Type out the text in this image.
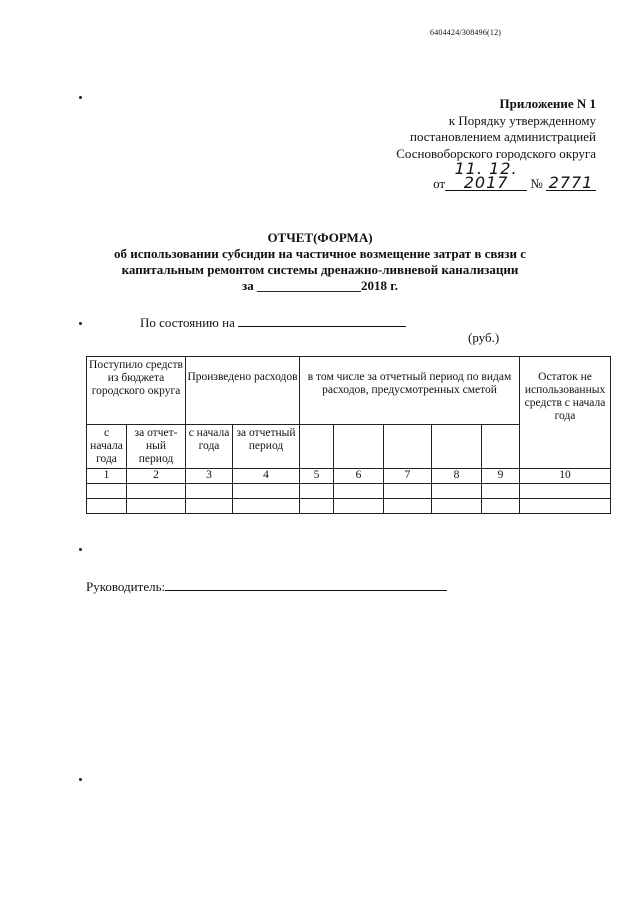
6404424/308496(12)
Приложение N 1
к Порядку утвержденному
постановлением администрацией
Сосновоборского городского округа
от11. 12. 2017 № 2771
ОТЧЕТ(ФОРМА)
об использовании субсидии на частичное возмещение затрат в связи с
капитальным ремонтом системы дренажно-ливневой канализации
за ________________2018 г.
По состоянию на
(руб.)
Поступило средств из бюджета городского округа		Произведено расходов		в том числе за отчетный период по видам расходов, предусмотренных сметой					Остаток не использованных средств с начала года
с начала года	за отчет- ный период	с начала года	за отчетный период						
1	2	3	4	5	6	7	8	9	10

Руководитель:
